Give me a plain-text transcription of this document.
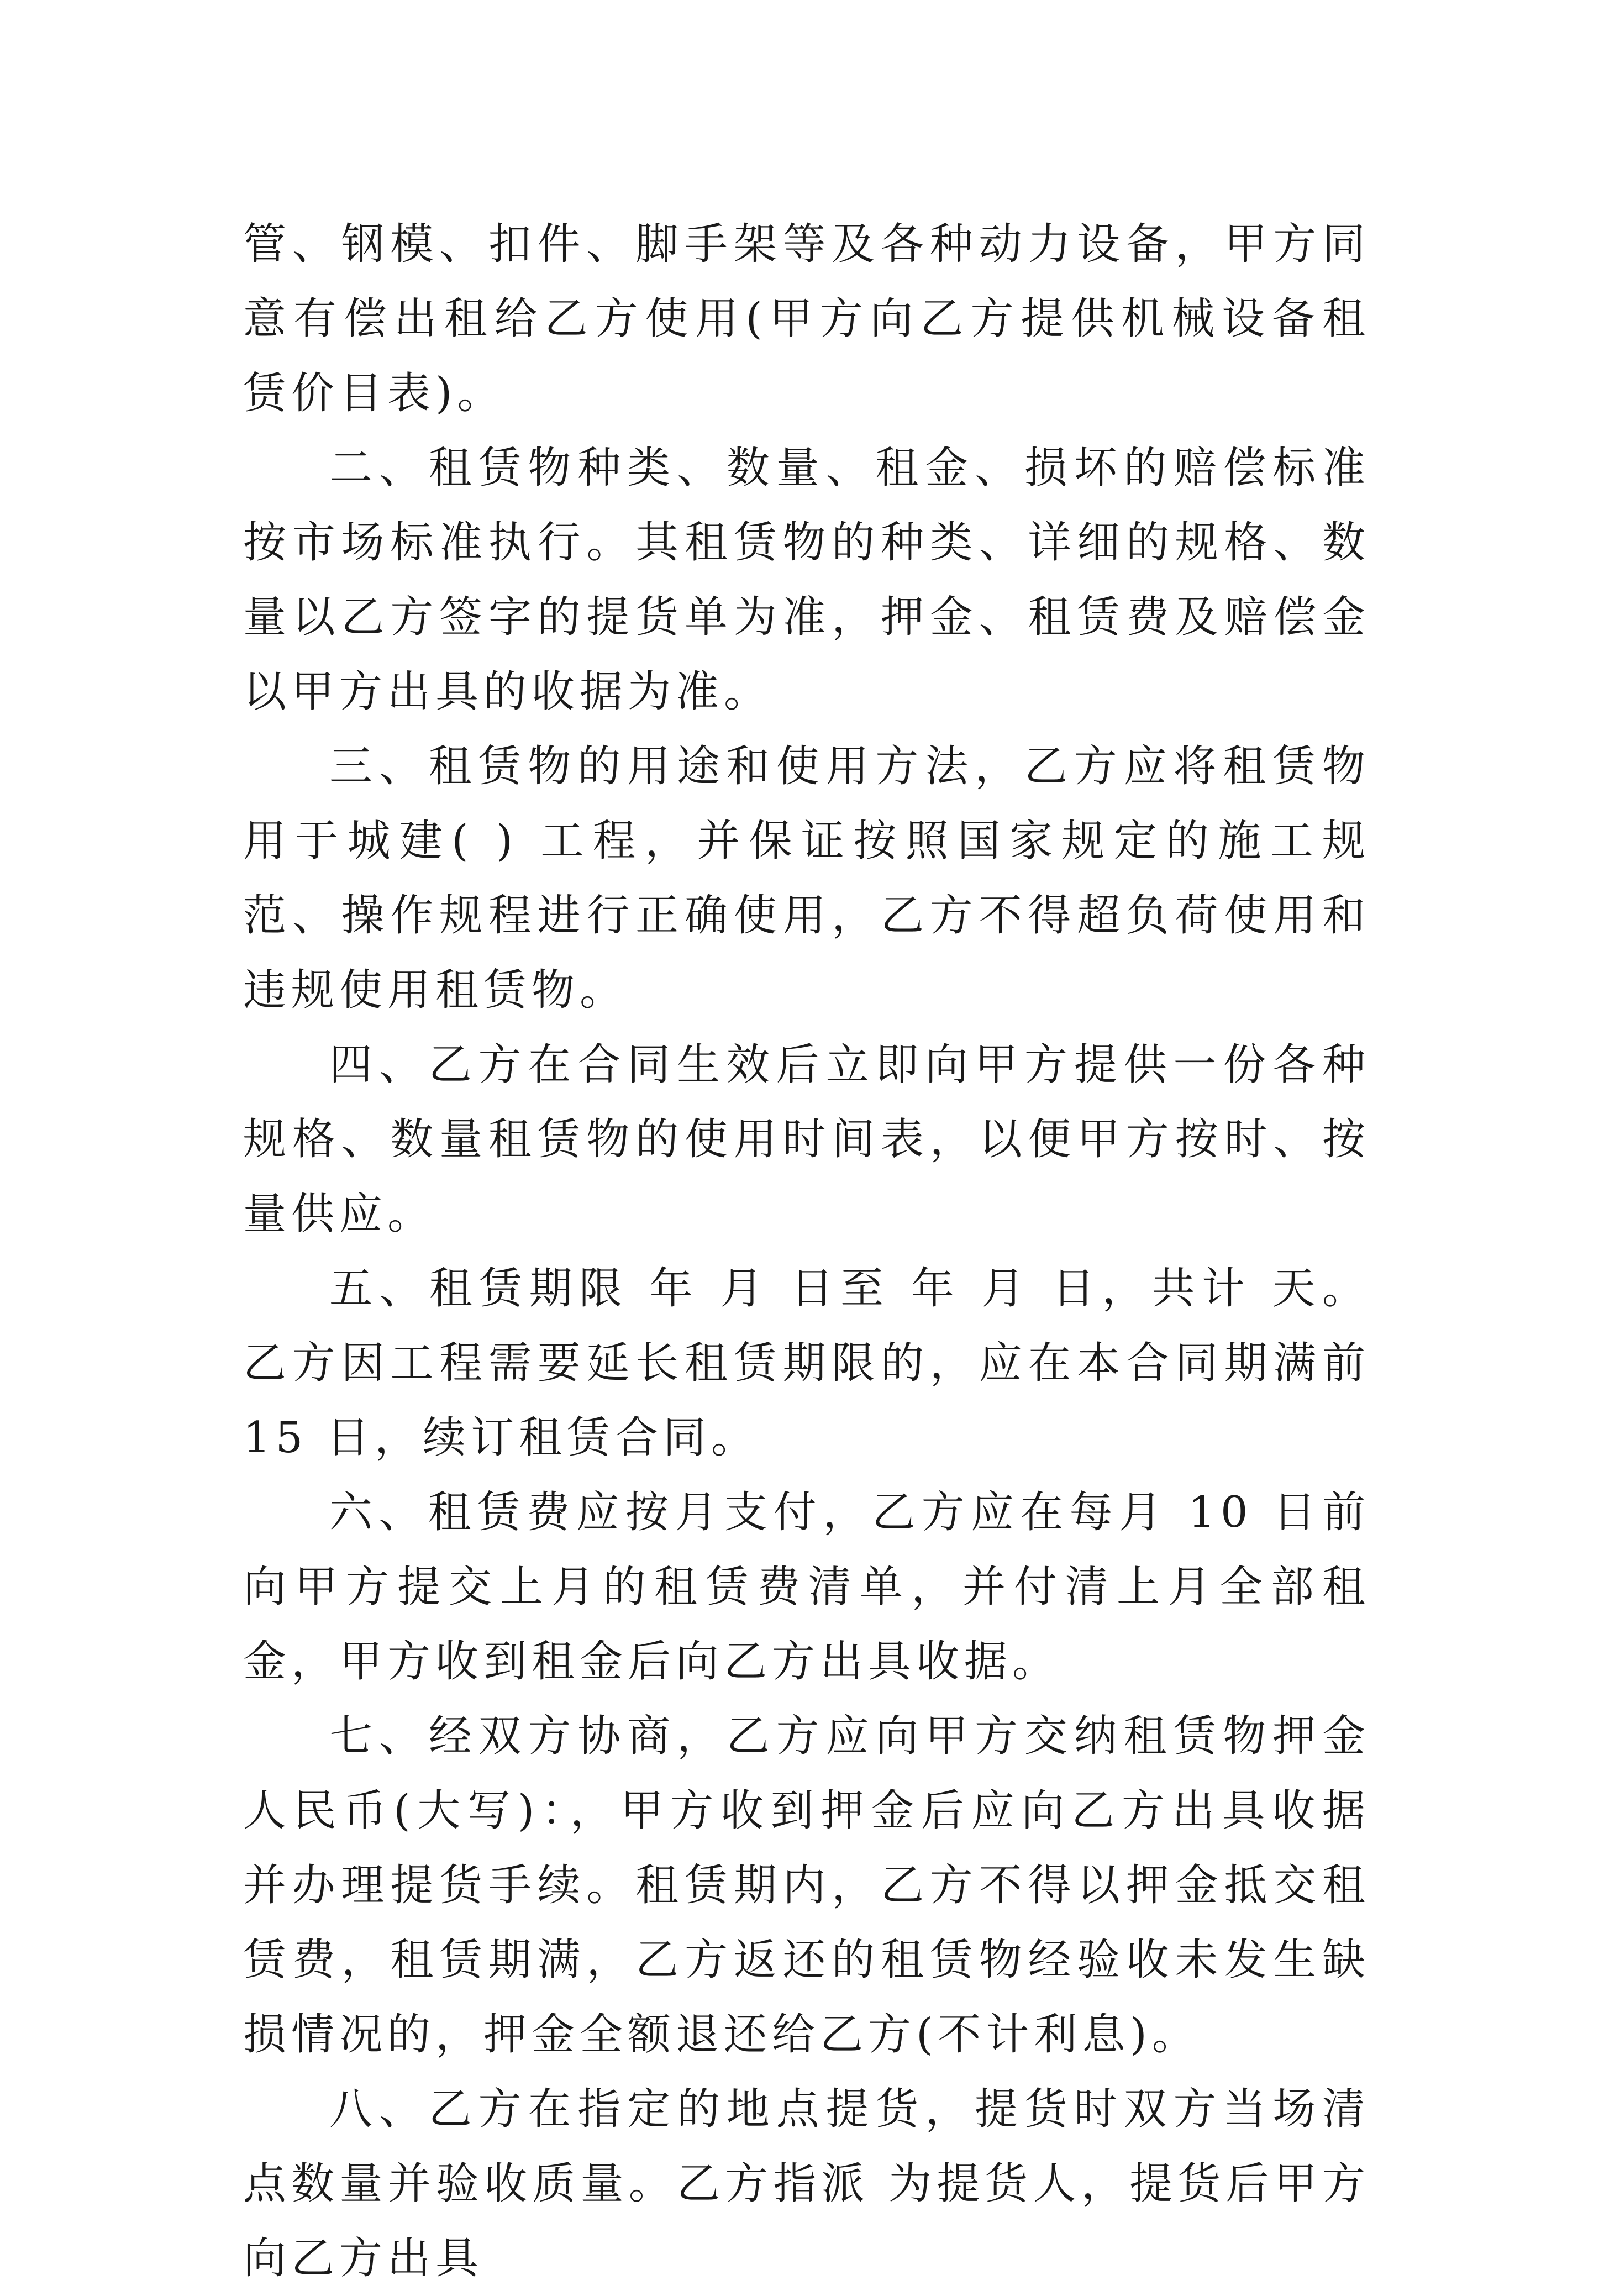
管、钢模、扣件、脚手架等及各种动力设备，甲方同意有偿出租给乙方使用(甲方向乙方提供机械设备租赁价目表)。

二、租赁物种类、数量、租金、损坏的赔偿标准按市场标准执行。其租赁物的种类、详细的规格、数量以乙方签字的提货单为准，押金、租赁费及赔偿金以甲方出具的收据为准。

三、租赁物的用途和使用方法，乙方应将租赁物用于城建( ) 工程，并保证按照国家规定的施工规范、操作规程进行正确使用，乙方不得超负荷使用和违规使用租赁物。

四、乙方在合同生效后立即向甲方提供一份各种规格、数量租赁物的使用时间表，以便甲方按时、按量供应。

五、租赁期限 年 月 日至 年 月 日，共计 天。乙方因工程需要延长租赁期限的，应在本合同期满前 15 日，续订租赁合同。

六、租赁费应按月支付，乙方应在每月 10 日前向甲方提交上月的租赁费清单，并付清上月全部租金，甲方收到租金后向乙方出具收据。

七、经双方协商，乙方应向甲方交纳租赁物押金人民币(大写)：，甲方收到押金后应向乙方出具收据并办理提货手续。租赁期内，乙方不得以押金抵交租赁费，租赁期满，乙方返还的租赁物经验收未发生缺损情况的，押金全额退还给乙方(不计利息)。

八、乙方在指定的地点提货，提货时双方当场清点数量并验收质量。乙方指派 为提货人，提货后甲方向乙方出具
